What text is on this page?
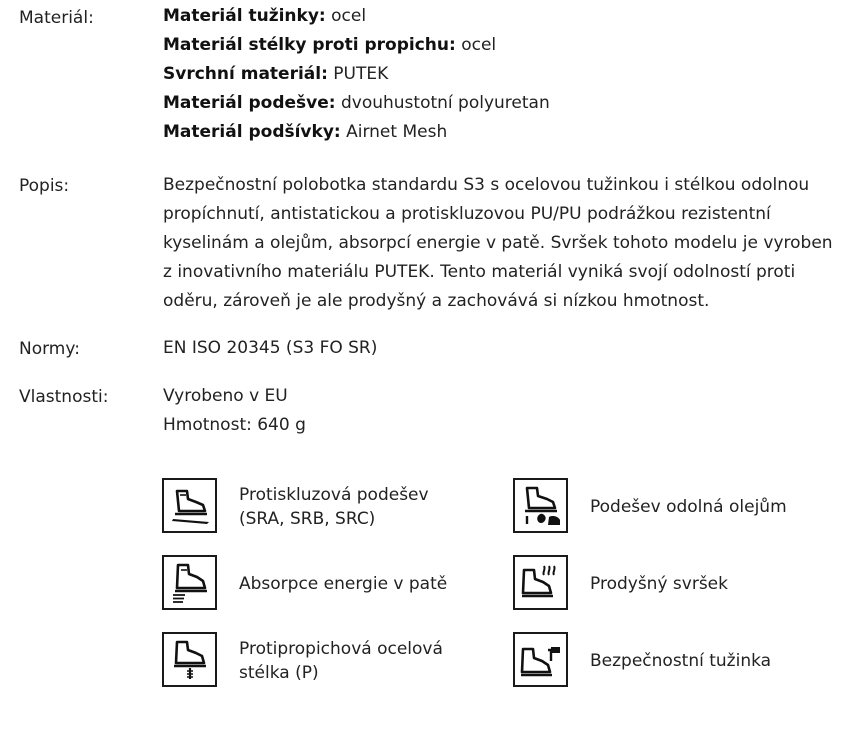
Materiál:	Materiál tužinky: ocel
Materiál stélky proti propichu: ocel
Svrchní materiál: PUTEK
Materiál podešve: dvouhustotní polyuretan
Materiál podšívky: Airnet Mesh
Popis:	Bezpečnostní polobotka standardu S3 s ocelovou tužinkou i stélkou odolnou
propíchnutí, antistatickou a protiskluzovou PU/PU podrážkou rezistentní
kyselinám a olejům, absorpcí energie v patě. Svršek tohoto modelu je vyroben
z inovativního materiálu PUTEK. Tento materiál vyniká svojí odolností proti
oděru, zároveň je ale prodyšný a zachovává si nízkou hmotnost.
Normy:	EN ISO 20345 (S3 FO SR)
Vlastnosti:	Vyrobeno v EU
Hmotnost: 640 g
Protiskluzová podešev
(SRA, SRB, SRC)
Podešev odolná olejům
Absorpce energie v patě	Prodyšný svršek
Protipropichová ocelová
stélka (P)
Bezpečnostní tužinka
